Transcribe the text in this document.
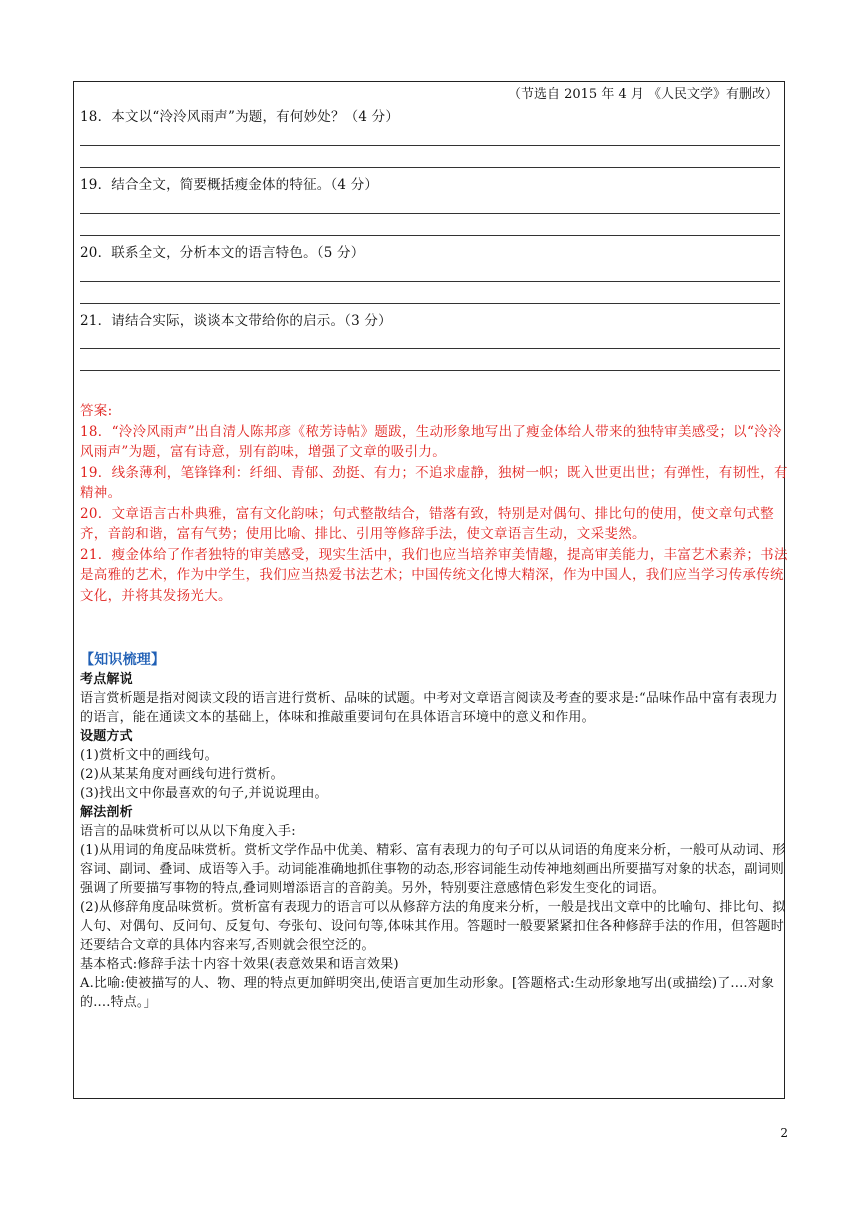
（节选自 2015 年 4 月 《人民文学》有删改）
18．本文以“泠泠风雨声”为题，有何妙处？（4 分）
19．结合全文，简要概括瘦金体的特征。（4 分）
20．联系全文，分析本文的语言特色。（5 分）
21．请结合实际，谈谈本文带给你的启示。（3 分）

答案:

18．“泠泠风雨声”出自清人陈邦彦《秾芳诗帖》题跋，生动形象地写出了瘦金体给人带来的独特审美感受；以“泠泠风雨声”为题，富有诗意，别有韵味，增强了文章的吸引力。

19．线条薄利，笔锋锋利：纤细、青郁、劲挺、有力；不追求虚静，独树一帜；既入世更出世；有弹性，有韧性，有精神。

20．文章语言古朴典雅，富有文化韵味；句式整散结合，错落有致，特别是对偶句、排比句的使用，使文章句式整齐，音韵和谐，富有气势；使用比喻、排比、引用等修辞手法，使文章语言生动，文采斐然。

21．瘦金体给了作者独特的审美感受，现实生活中，我们也应当培养审美情趣，提高审美能力，丰富艺术素养；书法是高雅的艺术，作为中学生，我们应当热爱书法艺术；中国传统文化博大精深，作为中国人，我们应当学习传承传统文化，并将其发扬光大。

【知识梳理】

考点解说

语言赏析题是指对阅读文段的语言进行赏析、品味的试题。中考对文章语言阅读及考查的要求是:“品味作品中富有表现力的语言，能在通读文本的基础上，体味和推敲重要词句在具体语言环境中的意义和作用。

设题方式

(1)赏析文中的画线句。

(2)从某某角度对画线句进行赏析。

(3)找出文中你最喜欢的句子,并说说理由。

解法剖析

语言的品味赏析可以从以下角度入手:

(1)从用词的角度品味赏析。赏析文学作品中优美、精彩、富有表现力的句子可以从词语的角度来分析，一般可从动词、形容词、副词、叠词、成语等入手。动词能准确地抓住事物的动态,形容词能生动传神地刻画出所要描写对象的状态，副词则强调了所要描写事物的特点,叠词则增添语言的音韵美。另外，特别要注意感情色彩发生变化的词语。

(2)从修辞角度品味赏析。赏析富有表现力的语言可以从修辞方法的角度来分析，一般是找出文章中的比喻句、排比句、拟人句、对偶句、反问句、反复句、夸张句、设问句等,体味其作用。答题时一般要紧紧扣住各种修辞手法的作用，但答题时还要结合文章的具体内容来写,否则就会很空泛的。

基本格式:修辞手法十内容十效果(表意效果和语言效果)

A.比喻:使被描写的人、物、理的特点更加鲜明突出,使语言更加生动形象。[答题格式:生动形象地写出(或描绘)了....对象的....特点。」

2
